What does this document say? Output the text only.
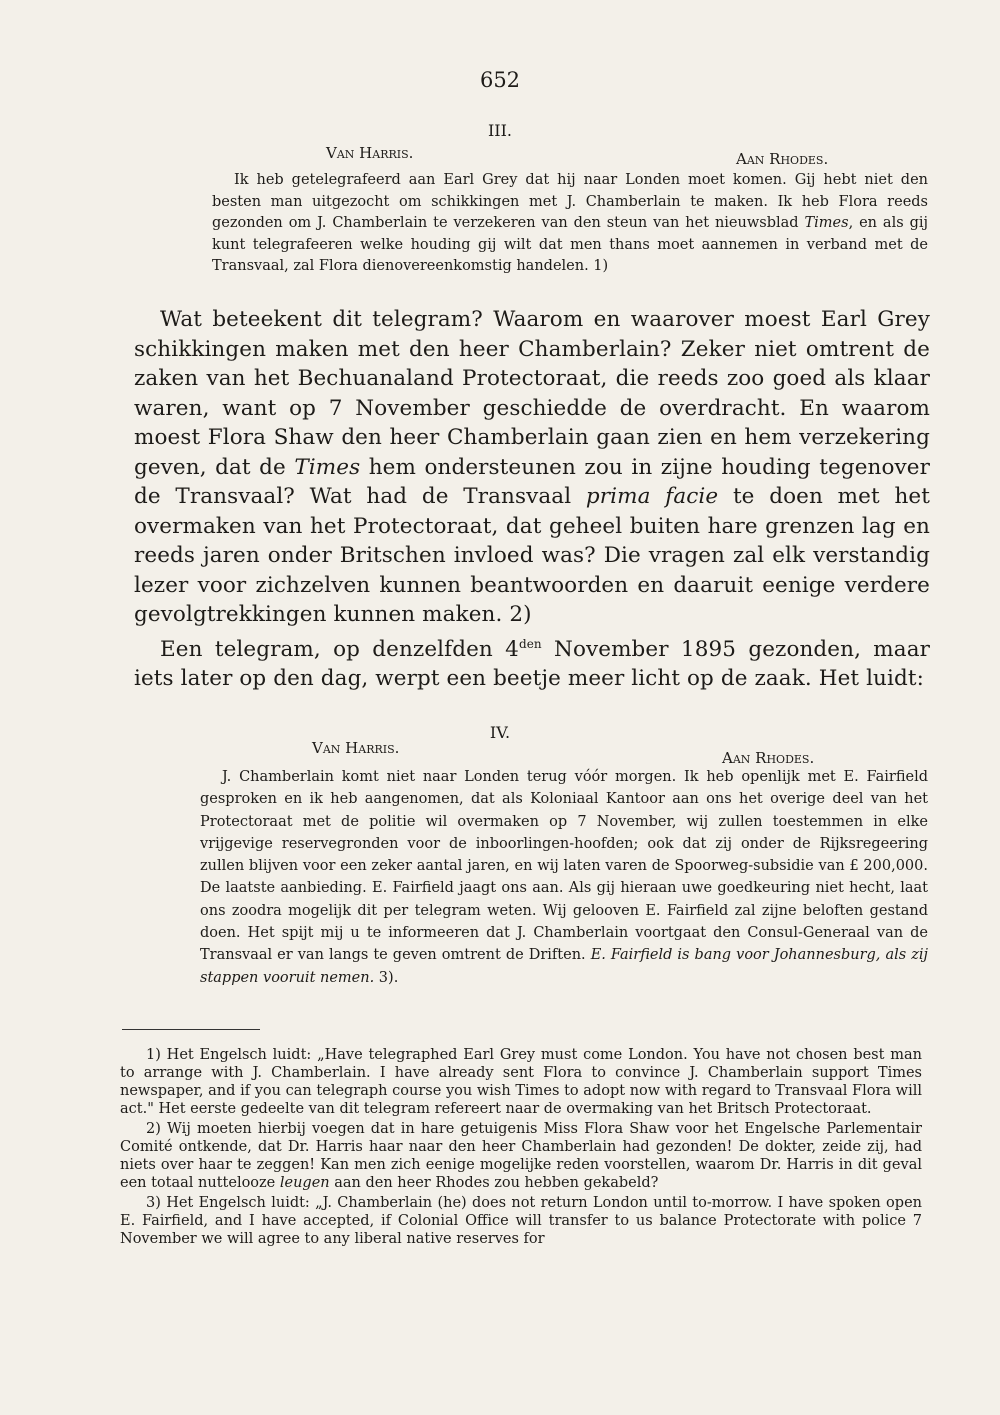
652
III.
Van Harris.	Aan Rhodes.

Ik heb getelegrafeerd aan Earl Grey dat hij naar Londen moet komen. Gij hebt niet den besten man uitgezocht om schikkingen met J. Chamberlain te maken. Ik heb Flora reeds gezonden om J. Chamberlain te verzekeren van den steun van het nieuwsblad Times, en als gij kunt telegrafeeren welke houding gij wilt dat men thans moet aannemen in verband met de Transvaal, zal Flora dienovereenkomstig handelen. 1)

Wat beteekent dit telegram? Waarom en waarover moest Earl Grey schikkingen maken met den heer Chamberlain? Zeker niet omtrent de zaken van het Bechuanaland Protectoraat, die reeds zoo goed als klaar waren, want op 7 November geschiedde de overdracht. En waarom moest Flora Shaw den heer Chamberlain gaan zien en hem verzekering geven, dat de Times hem ondersteunen zou in zijne houding tegenover de Transvaal? Wat had de Transvaal prima facie te doen met het overmaken van het Protectoraat, dat geheel buiten hare grenzen lag en reeds jaren onder Britschen invloed was? Die vragen zal elk verstandig lezer voor zichzelven kunnen beantwoorden en daaruit eenige verdere gevolgtrekkingen kunnen maken. 2)

Een telegram, op denzelfden $4^{den}$ November 1895 gezonden, maar iets later op den dag, werpt een beetje meer licht op de zaak. Het luidt:

IV.
Van Harris.
Aan Rhodes.

J. Chamberlain komt niet naar Londen terug vóór morgen. Ik heb openlijk met E. Fairfield gesproken en ik heb aangenomen, dat als Koloniaal Kantoor aan ons het overige deel van het Protectoraat met de politie wil overmaken op 7 November, wij zullen toestemmen in elke vrijgevige reservegronden voor de inboorlingen-hoofden; ook dat zij onder de Rijksregeering zullen blijven voor een zeker aantal jaren, en wij laten varen de Spoorweg-subsidie van £ 200,000. De laatste aanbieding. E. Fairfield jaagt ons aan. Als gij hieraan uwe goedkeuring niet hecht, laat ons zoodra mogelijk dit per telegram weten. Wij gelooven E. Fairfield zal zijne beloften gestand doen. Het spijt mij u te informeeren dat J. Chamberlain voortgaat den Consul-Generaal van de Transvaal er van langs te geven omtrent de Driften. E. Fairfield is bang voor Johannesburg, als zij stappen vooruit nemen. 3).

1) Het Engelsch luidt: „Have telegraphed Earl Grey must come London. You have not chosen best man to arrange with J. Chamberlain. I have already sent Flora to convince J. Chamberlain support Times newspaper, and if you can telegraph course you wish Times to adopt now with regard to Transvaal Flora will act." Het eerste gedeelte van dit telegram refereert naar de overmaking van het Britsch Protectoraat.

2) Wij moeten hierbij voegen dat in hare getuigenis Miss Flora Shaw voor het Engelsche Parlementair Comité ontkende, dat Dr. Harris haar naar den heer Chamberlain had gezonden! De dokter, zeide zij, had niets over haar te zeggen! Kan men zich eenige mogelijke reden voorstellen, waarom Dr. Harris in dit geval een totaal nuttelooze leugen aan den heer Rhodes zou hebben gekabeld?

3) Het Engelsch luidt: „J. Chamberlain (he) does not return London until to-morrow. I have spoken open E. Fairfield, and I have accepted, if Colonial Office will transfer to us balance Protectorate with police 7 November we will agree to any liberal native reserves for
